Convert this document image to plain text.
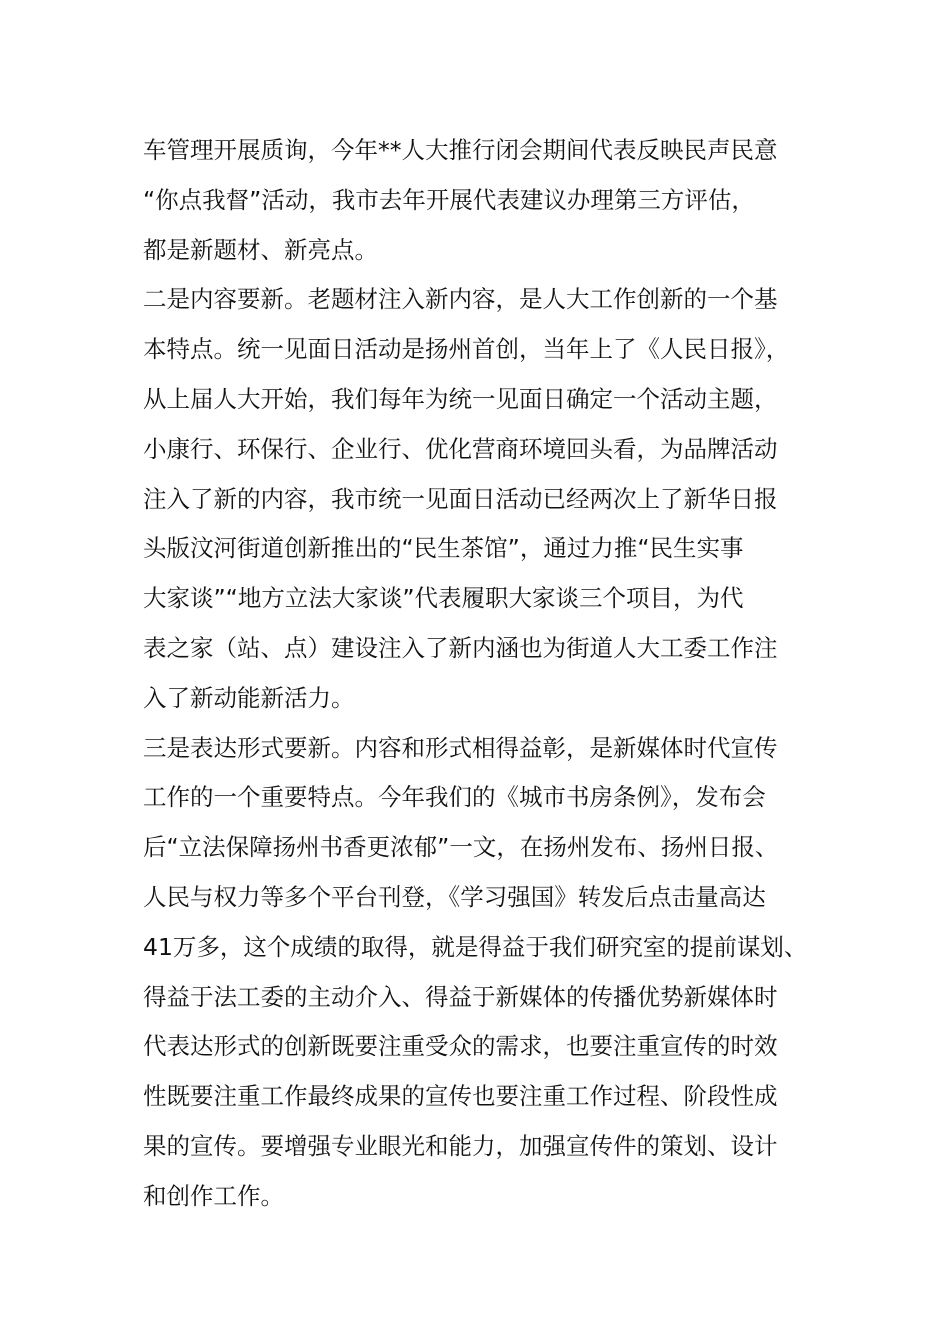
车管理开展质询，今年**人大推行闭会期间代表反映民声民意
“你点我督”活动，我市去年开展代表建议办理第三方评估，
都是新题材、新亮点。
二是内容要新。老题材注入新内容，是人大工作创新的一个基
本特点。统一见面日活动是扬州首创，当年上了《人民日报》，
从上届人大开始，我们每年为统一见面日确定一个活动主题，
小康行、环保行、企业行、优化营商环境回头看，为品牌活动
注入了新的内容，我市统一见面日活动已经两次上了新华日报
头版汶河街道创新推出的“民生茶馆”，通过力推“民生实事
大家谈”“地方立法大家谈”代表履职大家谈三个项目，为代
表之家（站、点）建设注入了新内涵也为街道人大工委工作注
入了新动能新活力。
三是表达形式要新。内容和形式相得益彰，是新媒体时代宣传
工作的一个重要特点。今年我们的《城市书房条例》，发布会
后“立法保障扬州书香更浓郁”一文，在扬州发布、扬州日报、
人民与权力等多个平台刊登，《学习强国》转发后点击量高达
41万多，这个成绩的取得，就是得益于我们研究室的提前谋划、
得益于法工委的主动介入、得益于新媒体的传播优势新媒体时
代表达形式的创新既要注重受众的需求，也要注重宣传的时效
性既要注重工作最终成果的宣传也要注重工作过程、阶段性成
果的宣传。要增强专业眼光和能力，加强宣传件的策划、设计
和创作工作。
